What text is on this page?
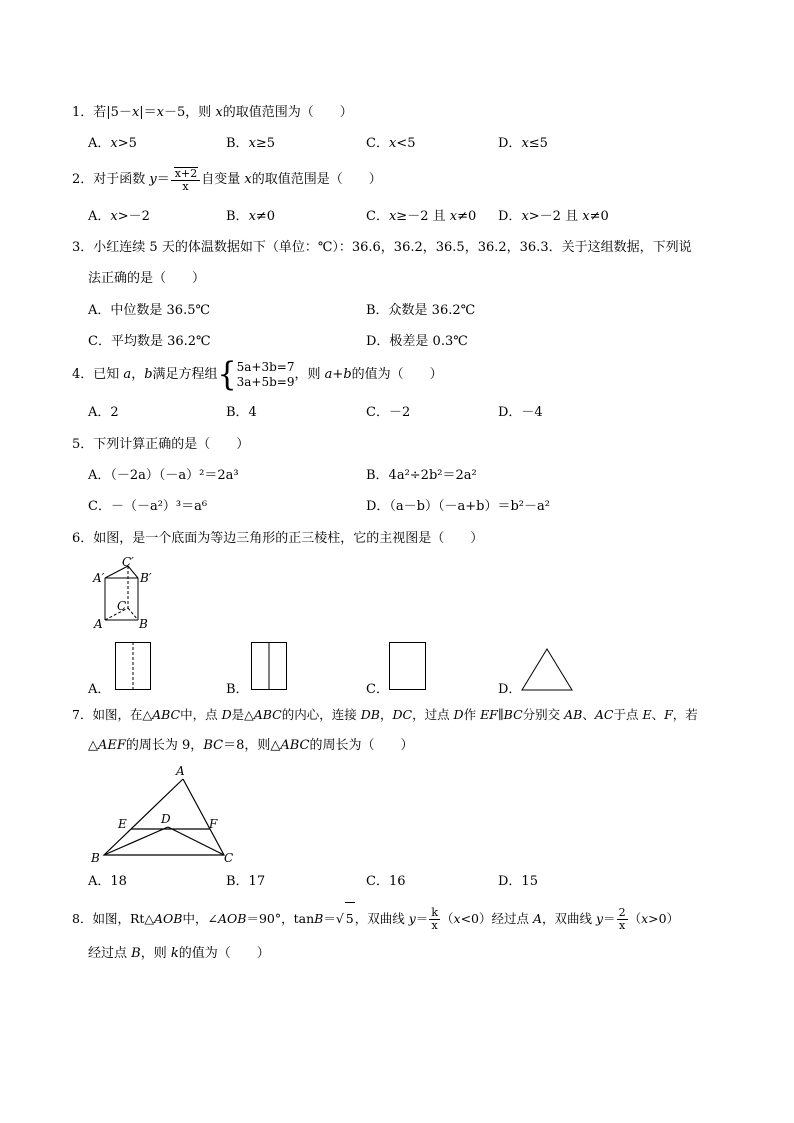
1．若|5－x|＝x－5，则 x的取值范围为（　　）
A．x>5	B．x≥5	C．x<5	D．x≤5
2．对于函数 $y= \frac{x+2}{x}$ 自变量 x的取值范围是（　　）
A．x>－2	B．x≠0	C．x≥－2 且 x≠0 D．x>－2 且 x≠0
3．小红连续 5 天的体温数据如下（单位：℃）：36.6，36.2，36.5，36.2，36.3．关于这组数据，下列说
法正确的是（　　）
A．中位数是 36.5℃	B．众数是 36.2℃
C．平均数是 36.2℃	D．极差是 0.3℃
4．已知 a，b满足方程组{ 5a+3b=7
3a+5b=9 ，则 a+b的值为（　　）
A．2	B．4	C．－2	D．－4
5．下列计算正确的是（　　）
A．（－2a）（－a）²＝2a³	B．4a²÷2b²＝2a²
C．－（－a²）³＝a⁶	D．（a－b）（－a+b）＝b²－a²
6．如图，是一个底面为等边三角形的正三棱柱，它的主视图是（　　）
A′
C′
B′
C
A	B
A．	B．	C．	D．
7．如图，在△ABC中，点 D是△ABC的内心，连接 DB，DC，过点 D作 EF∥BC分别交 AB、AC于点 E、F，若
△AEF的周长为 9，BC＝8，则△ABC的周长为（　　）
A
E	D	F
B	C
A．18	B．17	C．16	D．15
8．如图，Rt△AOB中，∠AOB＝90°，tanB＝√ 5，双曲线 $y= \frac{k}{x} (x<0)$经过点 A，双曲线 $y= \frac{2}{x} (x>0)$
经过点 B，则 k的值为（　　）
